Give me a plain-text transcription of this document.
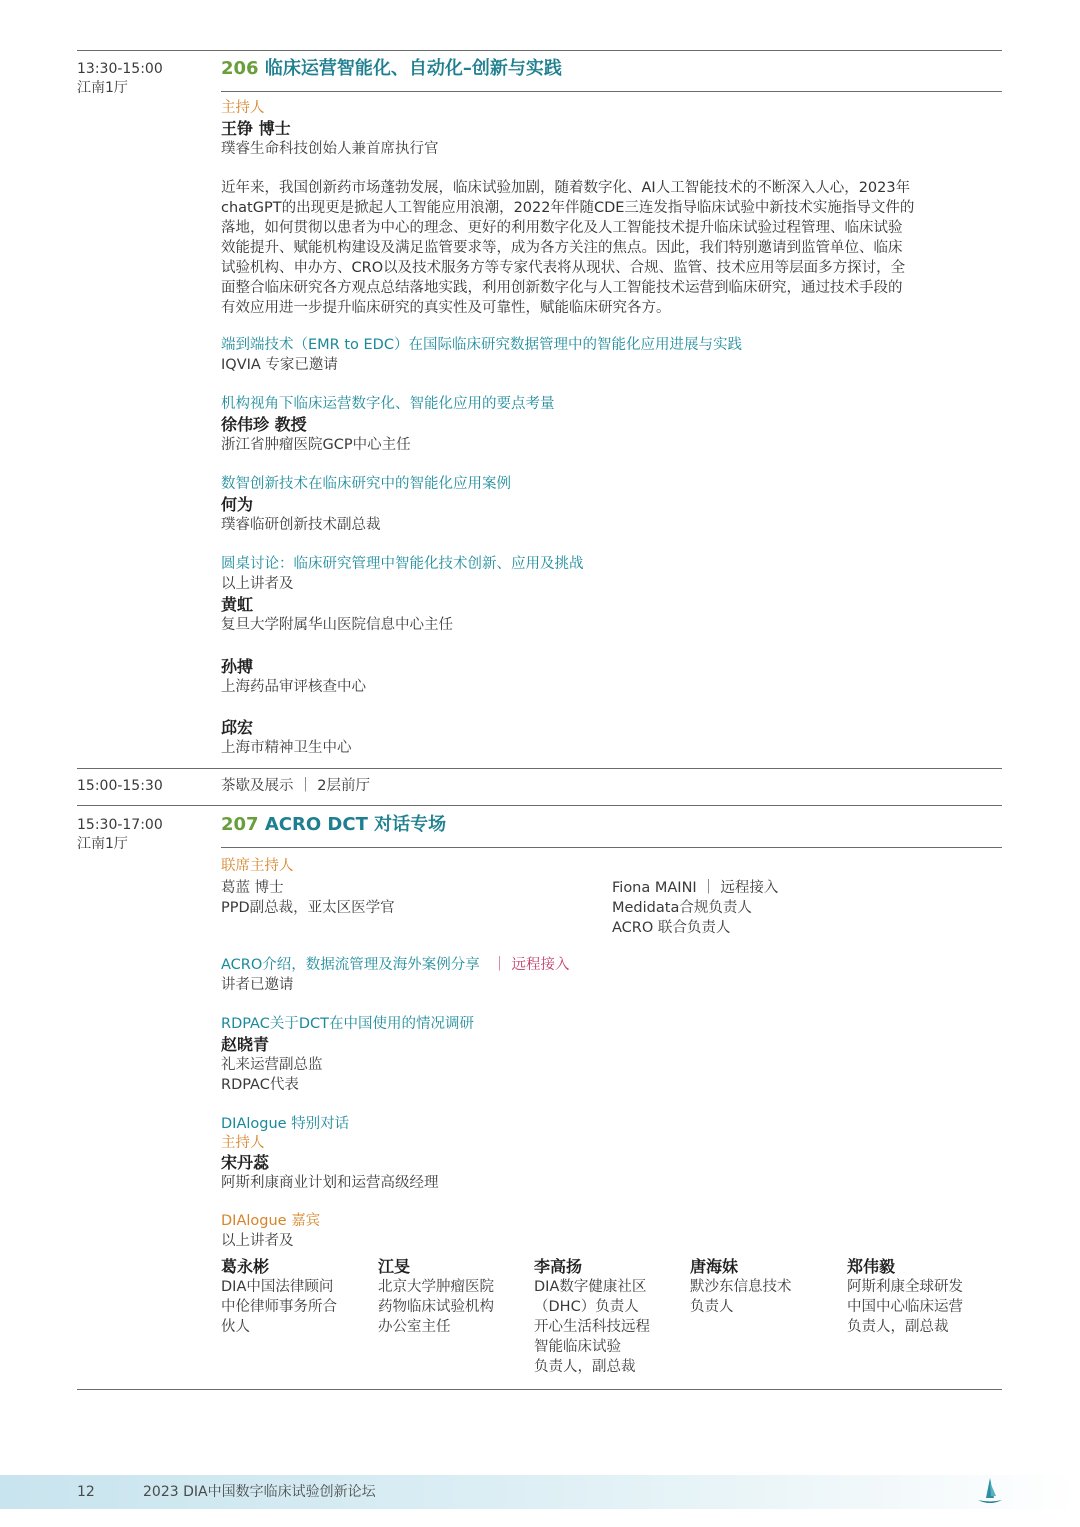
13:30-15:00
江南1厅
206 临床运营智能化、自动化–创新与实践
主持人
王铮 博士
璞睿生命科技创始人兼首席执行官
近年来，我国创新药市场蓬勃发展，临床试验加剧，随着数字化、AI人工智能技术的不断深入人心，2023年
chatGPT的出现更是掀起人工智能应用浪潮，2022年伴随CDE三连发指导临床试验中新技术实施指导文件的
落地，如何贯彻以患者为中心的理念、更好的利用数字化及人工智能技术提升临床试验过程管理、临床试验
效能提升、赋能机构建设及满足监管要求等，成为各方关注的焦点。因此，我们特别邀请到监管单位、临床
试验机构、申办方、CRO以及技术服务方等专家代表将从现状、合规、监管、技术应用等层面多方探讨，全
面整合临床研究各方观点总结落地实践，利用创新数字化与人工智能技术运营到临床研究，通过技术手段的
有效应用进一步提升临床研究的真实性及可靠性，赋能临床研究各方。
端到端技术（EMR to EDC）在国际临床研究数据管理中的智能化应用进展与实践
IQVIA 专家已邀请
机构视角下临床运营数字化、智能化应用的要点考量
徐伟珍 教授
浙江省肿瘤医院GCP中心主任
数智创新技术在临床研究中的智能化应用案例
何为
璞睿临研创新技术副总裁
圆桌讨论：临床研究管理中智能化技术创新、应用及挑战
以上讲者及
黄虹
复旦大学附属华山医院信息中心主任
孙搏
上海药品审评核查中心
邱宏
上海市精神卫生中心
15:00-15:30	茶歇及展示 ｜ 2层前厅
15:30-17:00
江南1厅
207 ACRO DCT 对话专场
联席主持人
葛蓝 博士
PPD副总裁，亚太区医学官
Fiona MAINI ｜ 远程接入
Medidata合规负责人
ACRO 联合负责人
ACRO介绍，数据流管理及海外案例分享 ｜ 远程接入
讲者已邀请
RDPAC关于DCT在中国使用的情况调研
赵晓青
礼来运营副总监
RDPAC代表
DIAlogue 特别对话
主持人
宋丹蕊
阿斯利康商业计划和运营高级经理
DIAlogue 嘉宾
以上讲者及
葛永彬
DIA中国法律顾问
中伦律师事务所合
伙人
江旻
北京大学肿瘤医院
药物临床试验机构
办公室主任
李高扬
DIA数字健康社区
（DHC）负责人
开心生活科技远程
智能临床试验
负责人，副总裁
唐海妹
默沙东信息技术
负责人
郑伟毅
阿斯利康全球研发
中国中心临床运营
负责人，副总裁
12	2023 DIA中国数字临床试验创新论坛
